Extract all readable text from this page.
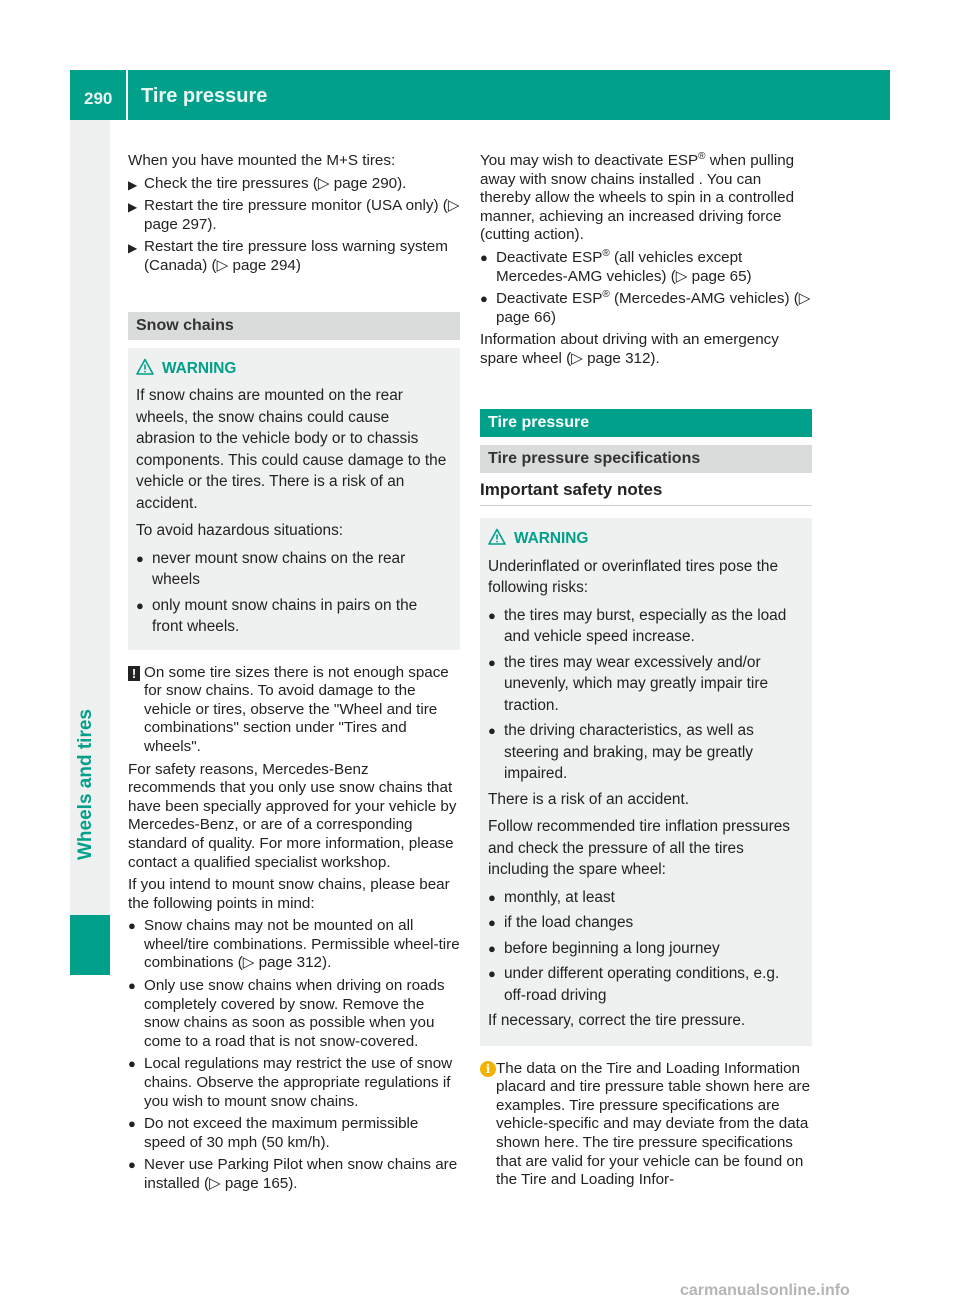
290 Tire pressure
Wheels and tires

When you have mounted the M+S tires:

▶ Check the tire pressures (▷ page 290).
▶ Restart the tire pressure monitor (USA only) (▷ page 297).
▶ Restart the tire pressure loss warning system (Canada) (▷ page 294)
Snow chains
WARNING

If snow chains are mounted on the rear wheels, the snow chains could cause abrasion to the vehicle body or to chassis components. This could cause damage to the vehicle or the tires. There is a risk of an accident.

To avoid hazardous situations:

● never mount snow chains on the rear wheels
● only mount snow chains in pairs on the front wheels.
! On some tire sizes there is not enough space for snow chains. To avoid damage to the vehicle or tires, observe the "Wheel and tire combinations" section under "Tires and wheels".

For safety reasons, Mercedes-Benz recommends that you only use snow chains that have been specially approved for your vehicle by Mercedes-Benz, or are of a corresponding standard of quality. For more information, please contact a qualified specialist workshop.

If you intend to mount snow chains, please bear the following points in mind:

● Snow chains may not be mounted on all wheel/tire combinations. Permissible wheel-tire combinations (▷ page 312).
● Only use snow chains when driving on roads completely covered by snow. Remove the snow chains as soon as possible when you come to a road that is not snow-covered.
● Local regulations may restrict the use of snow chains. Observe the appropriate regulations if you wish to mount snow chains.
● Do not exceed the maximum permissible speed of 30 mph (50 km/h).
● Never use Parking Pilot when snow chains are installed (▷ page 165).

You may wish to deactivate ESP® when pulling away with snow chains installed . You can thereby allow the wheels to spin in a controlled manner, achieving an increased driving force (cutting action).

● Deactivate ESP® (all vehicles except Mercedes-AMG vehicles) (▷ page 65)
● Deactivate ESP® (Mercedes-AMG vehicles) (▷ page 66)

Information about driving with an emergency spare wheel (▷ page 312).

Tire pressure
Tire pressure specifications
Important safety notes
WARNING

Underinflated or overinflated tires pose the following risks:

● the tires may burst, especially as the load and vehicle speed increase.
● the tires may wear excessively and/or unevenly, which may greatly impair tire traction.
● the driving characteristics, as well as steering and braking, may be greatly impaired.

There is a risk of an accident.

Follow recommended tire inflation pressures and check the pressure of all the tires including the spare wheel:

● monthly, at least
● if the load changes
● before beginning a long journey
● under different operating conditions, e.g. off-road driving

If necessary, correct the tire pressure.

i The data on the Tire and Loading Information placard and tire pressure table shown here are examples. Tire pressure specifications are vehicle-specific and may deviate from the data shown here. The tire pressure specifications that are valid for your vehicle can be found on the Tire and Loading Infor-
carmanualsonline.info
